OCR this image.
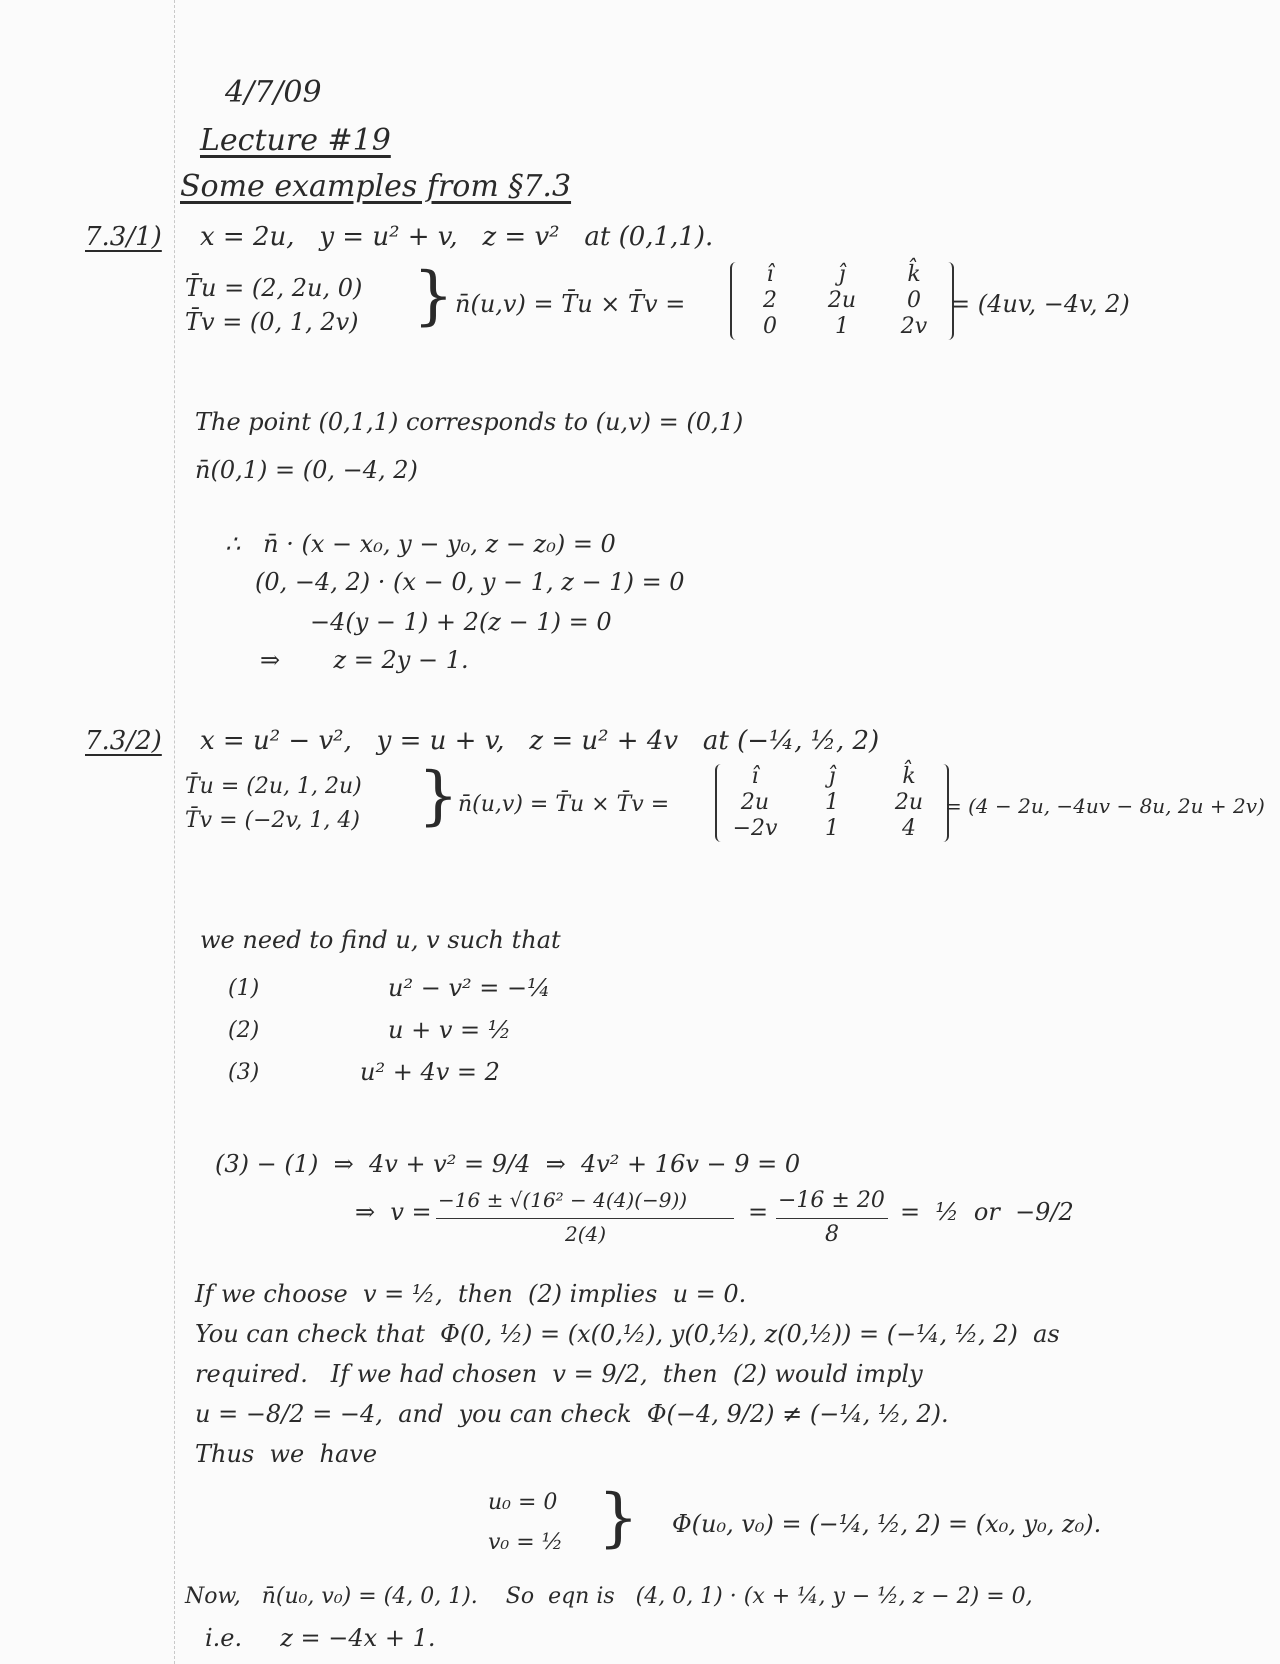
4/7/09
Lecture #19
Some examples from §7.3
7.3/1) x = 2u,   y = u² + v,   z = v²   at (0,1,1).
T̄u = (2, 2u, 0)
T̄v = (0, 1, 2v) } n̄(u,v) = T̄u × T̄v =
î	ĵ	k̂
2	2u	0
0	1	2v
= (4uv, −4v, 2)
The point (0,1,1) corresponds to (u,v) = (0,1)
n̄(0,1) = (0, −4, 2)
∴   n̄ · (x − x₀, y − y₀, z − z₀) = 0
(0, −4, 2) · (x − 0, y − 1, z − 1) = 0
−4(y − 1) + 2(z − 1) = 0
⇒       z = 2y − 1.
7.3/2) x = u² − v²,   y = u + v,   z = u² + 4v   at (−¼, ½, 2)
T̄u = (2u, 1, 2u)
T̄v = (−2v, 1, 4) } n̄(u,v) = T̄u × T̄v =
î	ĵ	k̂
2u	1	2u
−2v	1	4
= (4 − 2u, −4uv − 8u, 2u + 2v)
we need to find u, v such that
(1)	u² − v² = −¼
(2)	u + v = ½
(3)	u² + 4v = 2
(3) − (1)  ⇒  4v + v² = 9/4  ⇒  4v² + 16v − 9 = 0
⇒  v =
−16 ± √(16² − 4(4)(−9))
2(4)
= −16 ± 20
8
=  ½  or  −9/2
If we choose  v = ½,  then  (2) implies  u = 0.
You can check that  Φ(0, ½) = (x(0,½), y(0,½), z(0,½)) = (−¼, ½, 2)  as
required.   If we had chosen  v = 9/2,  then  (2) would imply
u = −8/2 = −4,  and  you can check  Φ(−4, 9/2) ≠ (−¼, ½, 2).
Thus  we  have
u₀ = 0
v₀ = ½ } Φ(u₀, v₀) = (−¼, ½, 2) = (x₀, y₀, z₀).
Now,   n̄(u₀, v₀) = (4, 0, 1).    So  eqn is   (4, 0, 1) · (x + ¼, y − ½, z − 2) = 0,
i.e.     z = −4x + 1.
